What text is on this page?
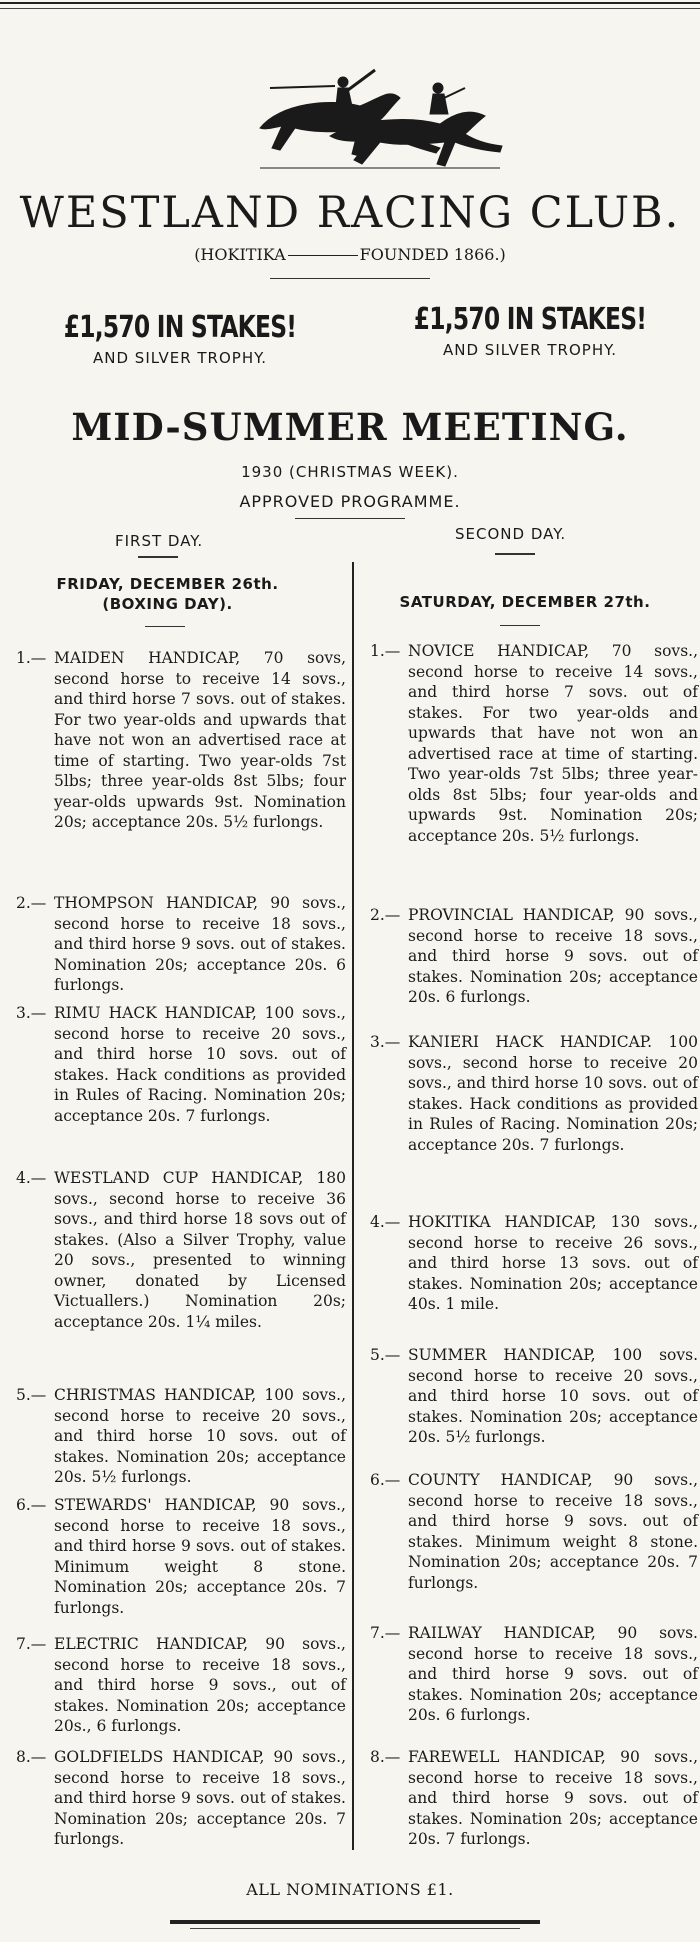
WESTLAND RACING CLUB.
(HOKITIKA	FOUNDED 1866.)
£1,570 IN STAKES!
AND SILVER TROPHY.
£1,570 IN STAKES!
AND SILVER TROPHY.
MID-SUMMER MEETING.
1930 (CHRISTMAS WEEK).
APPROVED PROGRAMME.
FIRST DAY.	SECOND DAY.
FRIDAY, DECEMBER 26th.
(BOXING DAY).	SATURDAY, DECEMBER 27th.
1.— MAIDEN HANDICAP, 70 sovs, second horse to receive 14 sovs., and third horse 7 sovs. out of stakes. For two year-olds and upwards that have not won an advertised race at time of starting. Two year-olds 7st 5lbs; three year-olds 8st 5lbs; four year-olds upwards 9st. Nomination 20s; acceptance 20s. 5½ furlongs.
2.— THOMPSON HANDICAP, 90 sovs., second horse to receive 18 sovs., and third horse 9 sovs. out of stakes. Nomination 20s; acceptance 20s. 6 furlongs.
3.— RIMU HACK HANDICAP, 100 sovs., second horse to receive 20 sovs., and third horse 10 sovs. out of stakes. Hack conditions as provided in Rules of Racing. Nomination 20s; acceptance 20s. 7 furlongs.
4.— WESTLAND CUP HANDICAP, 180 sovs., second horse to receive 36 sovs., and third horse 18 sovs out of stakes. (Also a Silver Trophy, value 20 sovs., presented to winning owner, donated by Licensed Victuallers.) Nomination 20s; acceptance 20s. 1¼ miles.
5.— CHRISTMAS HANDICAP, 100 sovs., second horse to receive 20 sovs., and third horse 10 sovs. out of stakes. Nomination 20s; acceptance 20s. 5½ furlongs.
6.— STEWARDS' HANDICAP, 90 sovs., second horse to receive 18 sovs., and third horse 9 sovs. out of stakes. Minimum weight 8 stone. Nomination 20s; acceptance 20s. 7 furlongs.
7.— ELECTRIC HANDICAP, 90 sovs., second horse to receive 18 sovs., and third horse 9 sovs., out of stakes. Nomination 20s; acceptance 20s., 6 furlongs.
8.— GOLDFIELDS HANDICAP, 90 sovs., second horse to receive 18 sovs., and third horse 9 sovs. out of stakes. Nomination 20s; acceptance 20s. 7 furlongs.
1.— NOVICE HANDICAP, 70 sovs., second horse to receive 14 sovs., and third horse 7 sovs. out of stakes. For two year-olds and upwards that have not won an advertised race at time of starting. Two year-olds 7st 5lbs; three year-olds 8st 5lbs; four year-olds and upwards 9st. Nomination 20s; acceptance 20s. 5½ furlongs.
2.— PROVINCIAL HANDICAP, 90 sovs., second horse to receive 18 sovs., and third horse 9 sovs. out of stakes. Nomination 20s; acceptance 20s. 6 furlongs.
3.— KANIERI HACK HANDICAP. 100 sovs., second horse to receive 20 sovs., and third horse 10 sovs. out of stakes. Hack conditions as provided in Rules of Racing. Nomination 20s; acceptance 20s. 7 furlongs.
4.— HOKITIKA HANDICAP, 130 sovs., second horse to receive 26 sovs., and third horse 13 sovs. out of stakes. Nomination 20s; acceptance 40s. 1 mile.
5.— SUMMER HANDICAP, 100 sovs. second horse to receive 20 sovs., and third horse 10 sovs. out of stakes. Nomination 20s; acceptance 20s. 5½ furlongs.
6.— COUNTY HANDICAP, 90 sovs., second horse to receive 18 sovs., and third horse 9 sovs. out of stakes. Minimum weight 8 stone. Nomination 20s; acceptance 20s. 7 furlongs.
7.— RAILWAY HANDICAP, 90 sovs. second horse to receive 18 sovs., and third horse 9 sovs. out of stakes. Nomination 20s; acceptance 20s. 6 furlongs.
8.— FAREWELL HANDICAP, 90 sovs., second horse to receive 18 sovs., and third horse 9 sovs. out of stakes. Nomination 20s; acceptance 20s. 7 furlongs.
ALL NOMINATIONS £1.
